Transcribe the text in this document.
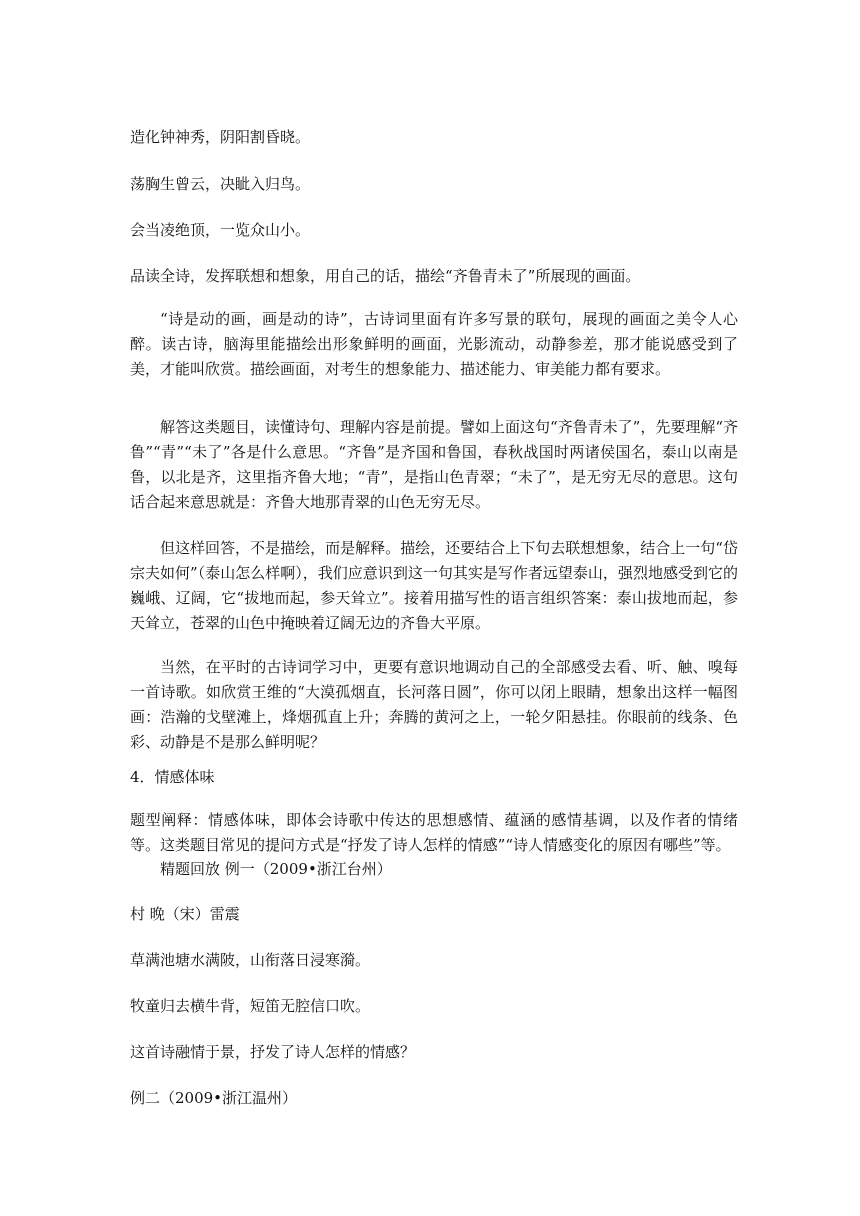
造化钟神秀，阴阳割昏晓。

荡胸生曾云，决眦入归鸟。

会当凌绝顶，一览众山小。

品读全诗，发挥联想和想象，用自己的话，描绘“齐鲁青未了”所展现的画面。

“诗是动的画，画是动的诗”，古诗词里面有许多写景的联句，展现的画面之美令人心醉。读古诗，脑海里能描绘出形象鲜明的画面，光影流动，动静参差，那才能说感受到了美，才能叫欣赏。描绘画面，对考生的想象能力、描述能力、审美能力都有要求。

解答这类题目，读懂诗句、理解内容是前提。譬如上面这句“齐鲁青未了”，先要理解“齐鲁”“青”“未了”各是什么意思。“齐鲁”是齐国和鲁国，春秋战国时两诸侯国名，泰山以南是鲁，以北是齐，这里指齐鲁大地；“青”，是指山色青翠；“未了”，是无穷无尽的意思。这句话合起来意思就是：齐鲁大地那青翠的山色无穷无尽。

但这样回答，不是描绘，而是解释。描绘，还要结合上下句去联想想象，结合上一句“岱宗夫如何”（泰山怎么样啊），我们应意识到这一句其实是写作者远望泰山，强烈地感受到它的巍峨、辽阔，它“拔地而起，参天耸立”。接着用描写性的语言组织答案：泰山拔地而起，参天耸立，苍翠的山色中掩映着辽阔无边的齐鲁大平原。

当然，在平时的古诗词学习中，更要有意识地调动自己的全部感受去看、听、触、嗅每一首诗歌。如欣赏王维的“大漠孤烟直，长河落日圆”，你可以闭上眼睛，想象出这样一幅图画：浩瀚的戈壁滩上，烽烟孤直上升；奔腾的黄河之上，一轮夕阳悬挂。你眼前的线条、色彩、动静是不是那么鲜明呢？

4．情感体味

题型阐释：情感体味，即体会诗歌中传达的思想感情、蕴涵的感情基调，以及作者的情绪等。这类题目常见的提问方式是“抒发了诗人怎样的情感”“诗人情感变化的原因有哪些”等。

精题回放 例一（2009•浙江台州）

村 晚（宋）雷震

草满池塘水满陂，山衔落日浸寒漪。

牧童归去横牛背，短笛无腔信口吹。

这首诗融情于景，抒发了诗人怎样的情感？

例二（2009•浙江温州）
